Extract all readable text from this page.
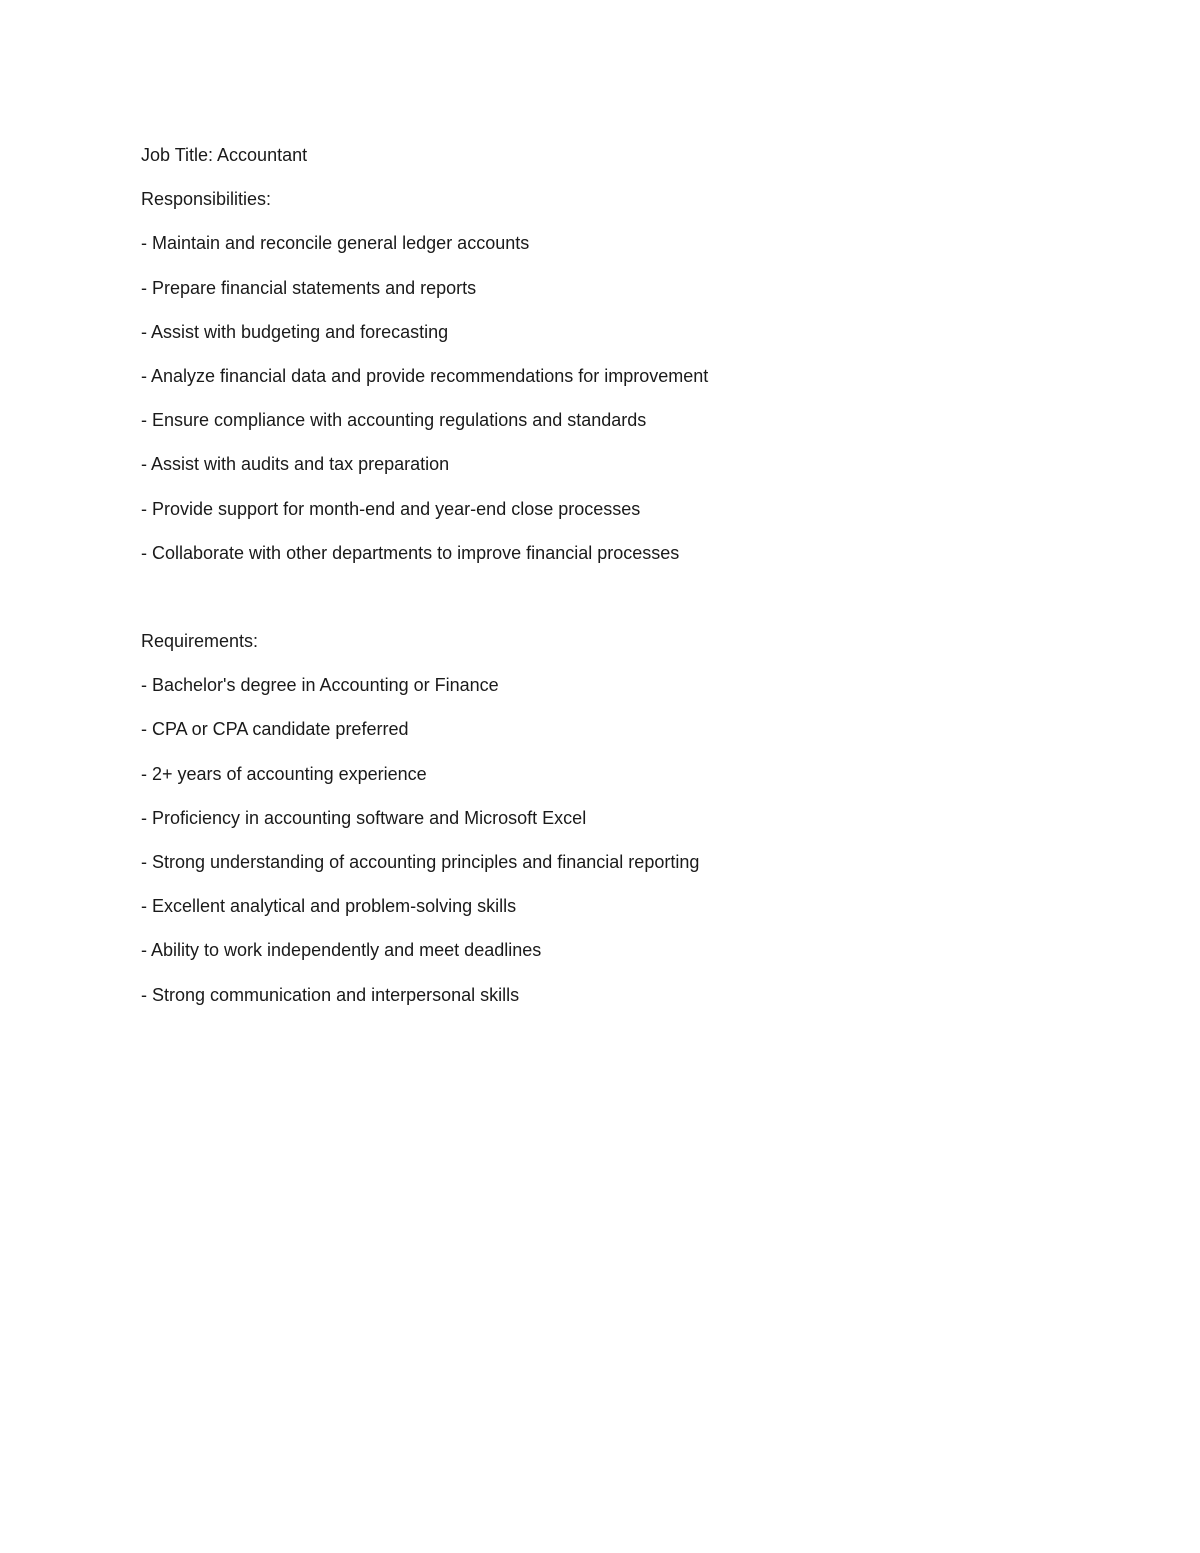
Job Title: Accountant
Responsibilities:
- Maintain and reconcile general ledger accounts
- Prepare financial statements and reports
- Assist with budgeting and forecasting
- Analyze financial data and provide recommendations for improvement
- Ensure compliance with accounting regulations and standards
- Assist with audits and tax preparation
- Provide support for month-end and year-end close processes
- Collaborate with other departments to improve financial processes
Requirements:
- Bachelor's degree in Accounting or Finance
- CPA or CPA candidate preferred
- 2+ years of accounting experience
- Proficiency in accounting software and Microsoft Excel
- Strong understanding of accounting principles and financial reporting
- Excellent analytical and problem-solving skills
- Ability to work independently and meet deadlines
- Strong communication and interpersonal skills
